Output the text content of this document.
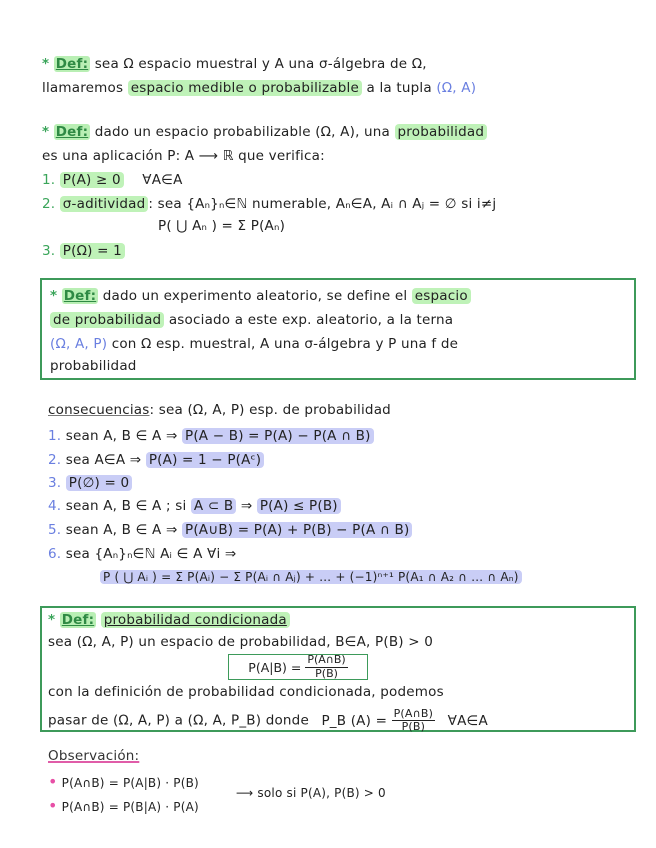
* Def: sea Ω espacio muestral y A una σ-álgebra de Ω,
llamaremos espacio medible o probabilizable a la tupla (Ω, A)
* Def: dado un espacio probabilizable (Ω, A), una probabilidad
es una aplicación P: A ⟶ ℝ que verifica:
1. P(A) ≥ 0 ∀A∈A
2. σ-aditividad : sea {Aₙ}ₙ∈ℕ numerable, Aₙ∈A, Aᵢ ∩ Aⱼ = ∅ si i≠j
P( ⋃ Aₙ ) = Σ P(Aₙ)
3. P(Ω) = 1
* Def: dado un experimento aleatorio, se define el espacio
de probabilidad asociado a este exp. aleatorio, a la terna
(Ω, A, P) con Ω esp. muestral, A una σ-álgebra y P una f de
probabilidad
consecuencias: sea (Ω, A, P) esp. de probabilidad
1. sean A, B ∈ A ⇒ P(A − B) = P(A) − P(A ∩ B)
2. sea A∈A ⇒ P(A) = 1 − P(Aᶜ)
3. P(∅) = 0
4. sean A, B ∈ A ; si A ⊂ B ⇒ P(A) ≤ P(B)
5. sean A, B ∈ A ⇒ P(A∪B) = P(A) + P(B) − P(A ∩ B)
6. sea {Aₙ}ₙ∈ℕ Aᵢ ∈ A ∀i ⇒
P ( ⋃ Aᵢ ) = Σ P(Aᵢ) − Σ P(Aᵢ ∩ Aⱼ) + … + (−1)ⁿ⁺¹ P(A₁ ∩ A₂ ∩ … ∩ Aₙ)
* Def: probabilidad condicionada
sea (Ω, A, P) un espacio de probabilidad, B∈A, P(B) > 0
$P(A|B) = \frac{P(A\cap B)}{P(B)}$
con la definición de probabilidad condicionada, podemos
pasar de (Ω, A, P) a (Ω, A, P_B) donde P_B $(A) = \frac{P(A\cap B)}{P(B)}$ ∀A∈A
Observación:
• P(A∩B) = P(A|B) · P(B)
• P(A∩B) = P(B|A) · P(A)
⟶ solo si P(A), P(B) > 0
